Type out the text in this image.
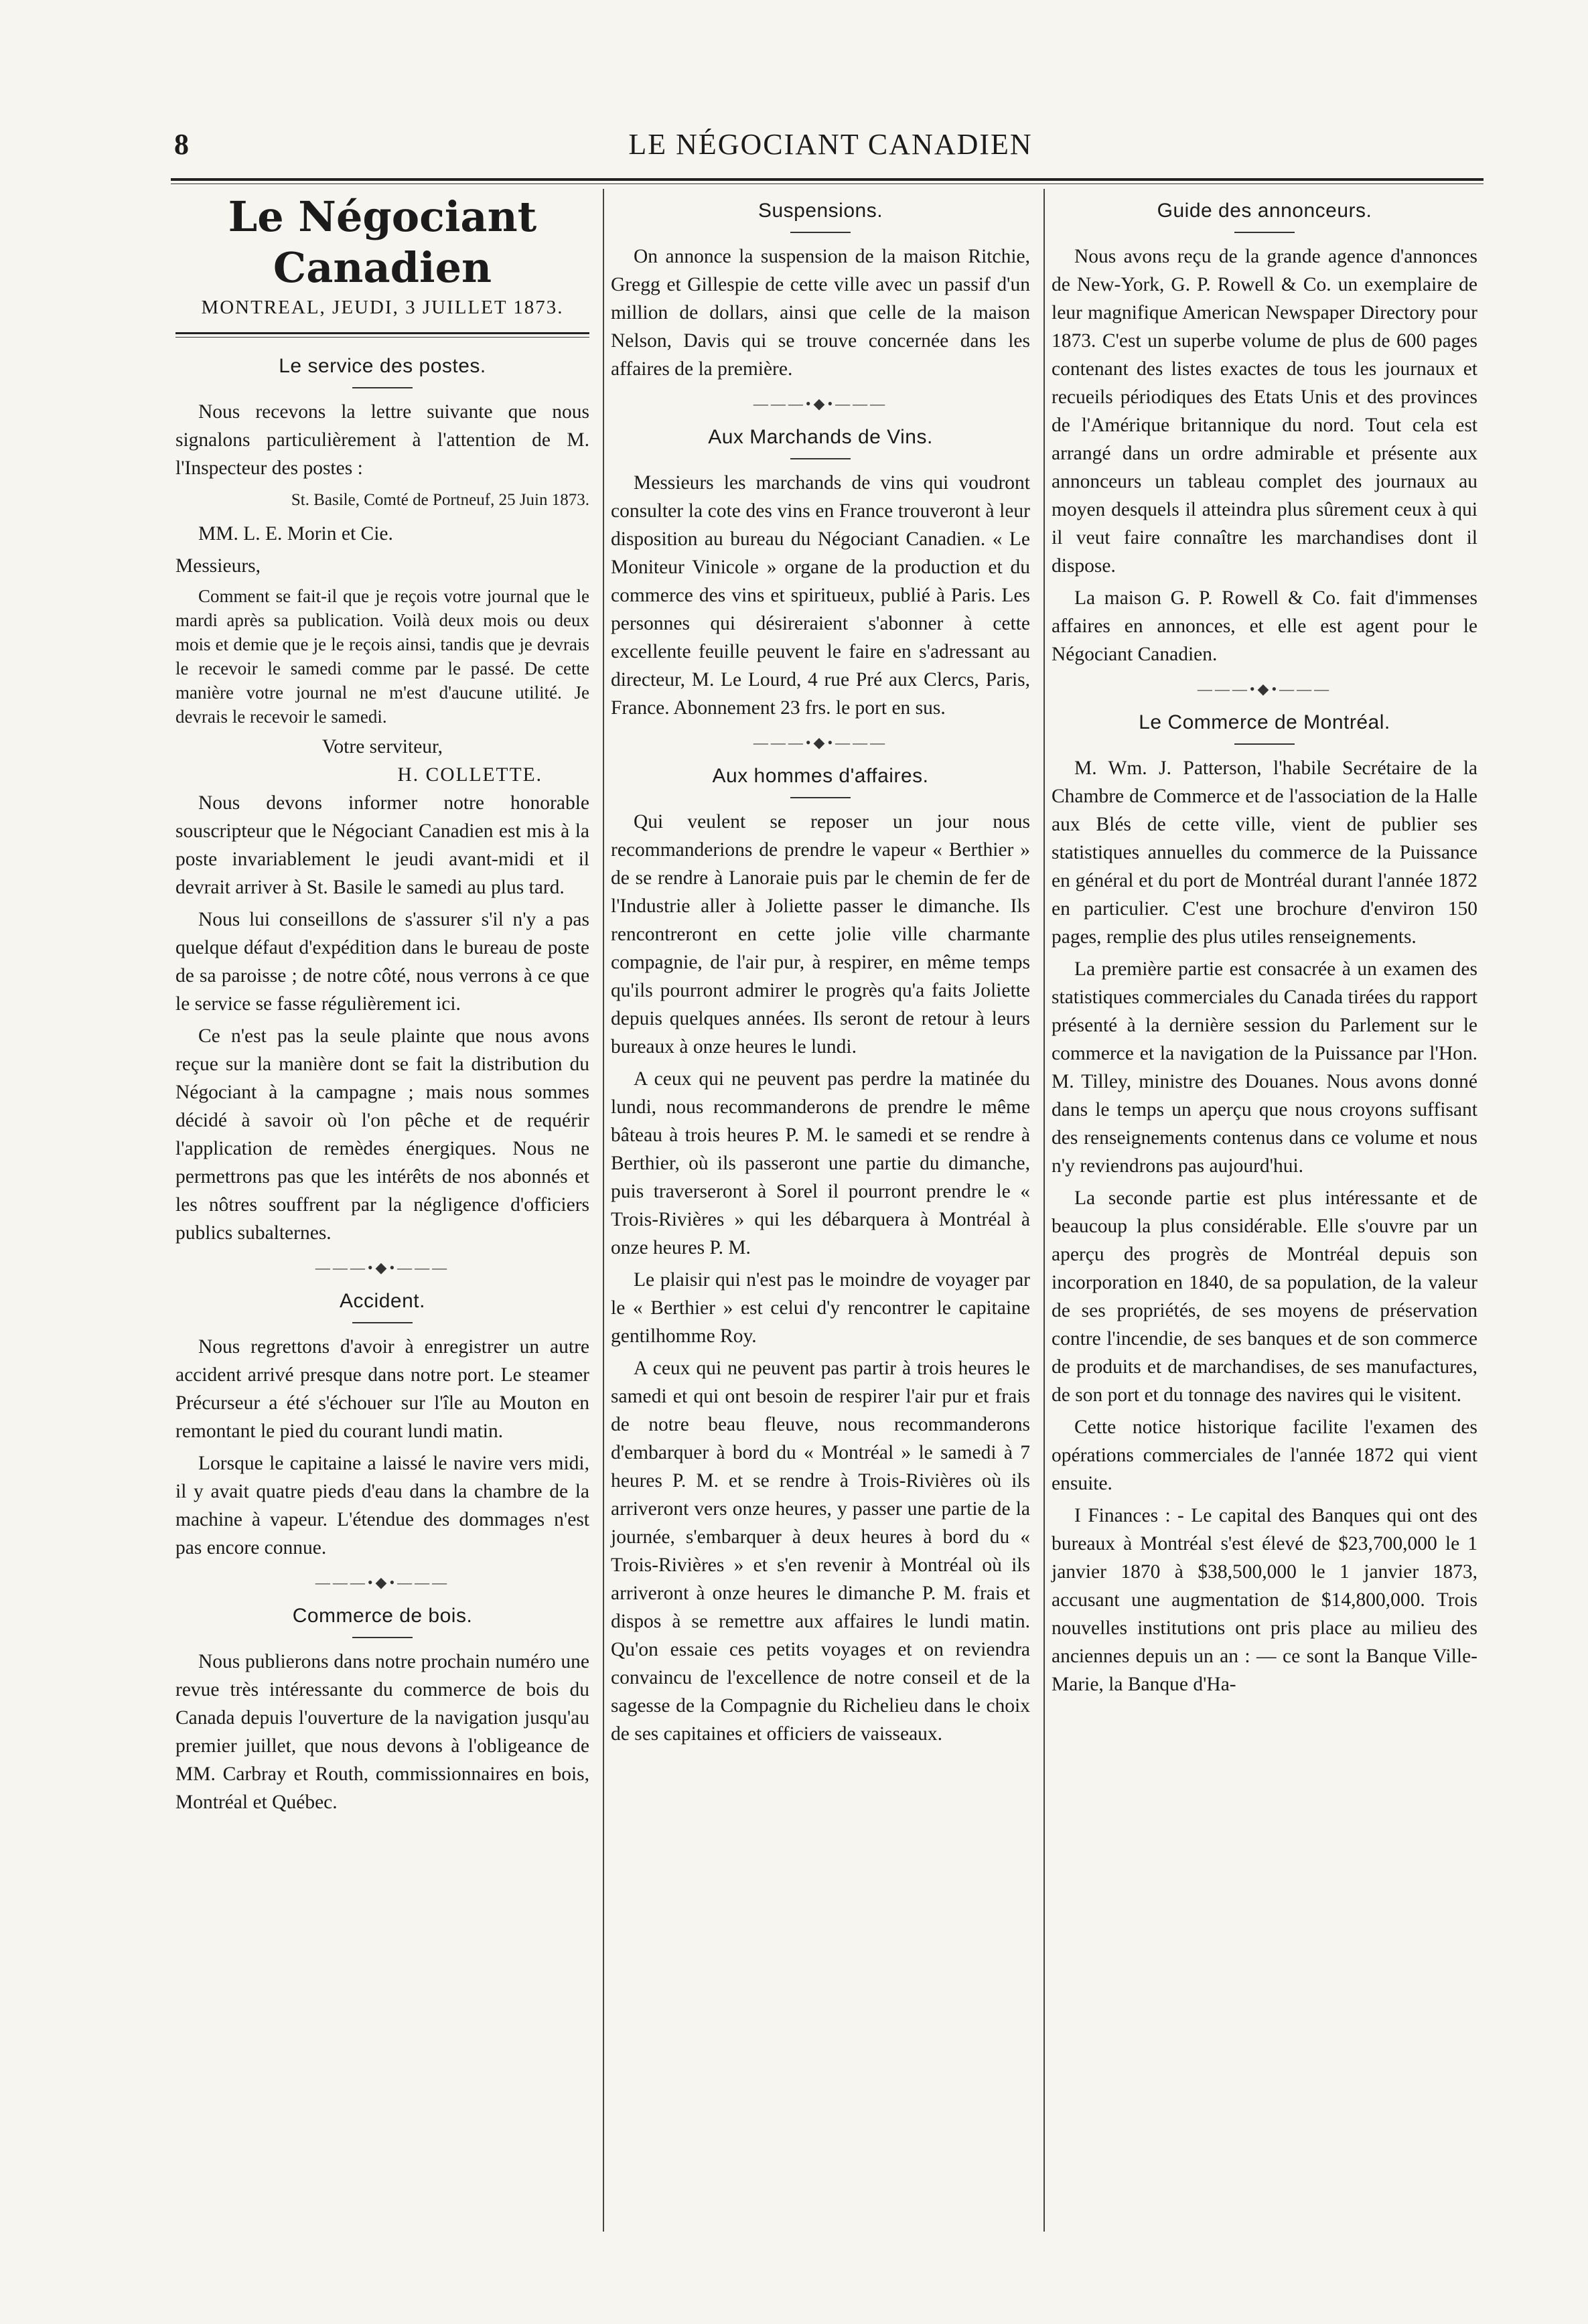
8	LE NÉGOCIANT CANADIEN
Le Négociant Canadien
MONTREAL, JEUDI, 3 JUILLET 1873.
Le service des postes.

Nous recevons la lettre suivante que nous signalons particulièrement à l'attention de M. l'Inspecteur des postes :

St. Basile, Comté de Portneuf, 25 Juin 1873.

MM. L. E. Morin et Cie.

Messieurs,

Comment se fait-il que je reçois votre journal que le mardi après sa publication. Voilà deux mois ou deux mois et demie que je le reçois ainsi, tandis que je devrais le recevoir le samedi comme par le passé. De cette manière votre journal ne m'est d'aucune utilité. Je devrais le recevoir le samedi.

Votre serviteur,
H. COLLETTE.

Nous devons informer notre honorable souscripteur que le Négociant Canadien est mis à la poste invariablement le jeudi avant-midi et il devrait arriver à St. Basile le samedi au plus tard.

Nous lui conseillons de s'assurer s'il n'y a pas quelque défaut d'expédition dans le bureau de poste de sa paroisse ; de notre côté, nous verrons à ce que le service se fasse régulièrement ici.

Ce n'est pas la seule plainte que nous avons reçue sur la manière dont se fait la distribution du Négociant à la campagne ; mais nous sommes décidé à savoir où l'on pêche et de requérir l'application de remèdes énergiques. Nous ne permettrons pas que les intérêts de nos abonnés et les nôtres souffrent par la négligence d'officiers publics subalternes.

―――•◆•―――
Accident.

Nous regrettons d'avoir à enregistrer un autre accident arrivé presque dans notre port. Le steamer Précurseur a été s'échouer sur l'île au Mouton en remontant le pied du courant lundi matin.

Lorsque le capitaine a laissé le navire vers midi, il y avait quatre pieds d'eau dans la chambre de la machine à vapeur. L'étendue des dommages n'est pas encore connue.

―――•◆•―――
Commerce de bois.

Nous publierons dans notre prochain numéro une revue très intéressante du commerce de bois du Canada depuis l'ouverture de la navigation jusqu'au premier juillet, que nous devons à l'obligeance de MM. Carbray et Routh, commissionnaires en bois, Montréal et Québec.

Suspensions.

On annonce la suspension de la maison Ritchie, Gregg et Gillespie de cette ville avec un passif d'un million de dollars, ainsi que celle de la maison Nelson, Davis qui se trouve concernée dans les affaires de la première.

―――•◆•―――
Aux Marchands de Vins.

Messieurs les marchands de vins qui voudront consulter la cote des vins en France trouveront à leur disposition au bureau du Négociant Canadien. « Le Moniteur Vinicole » organe de la production et du commerce des vins et spiritueux, publié à Paris. Les personnes qui désireraient s'abonner à cette excellente feuille peuvent le faire en s'adressant au directeur, M. Le Lourd, 4 rue Pré aux Clercs, Paris, France. Abonnement 23 frs. le port en sus.

―――•◆•―――
Aux hommes d'affaires.

Qui veulent se reposer un jour nous recommanderions de prendre le vapeur « Berthier » de se rendre à Lanoraie puis par le chemin de fer de l'Industrie aller à Joliette passer le dimanche. Ils rencontreront en cette jolie ville charmante compagnie, de l'air pur, à respirer, en même temps qu'ils pourront admirer le progrès qu'a faits Joliette depuis quelques années. Ils seront de retour à leurs bureaux à onze heures le lundi.

A ceux qui ne peuvent pas perdre la matinée du lundi, nous recommanderons de prendre le même bâteau à trois heures P. M. le samedi et se rendre à Berthier, où ils passeront une partie du dimanche, puis traverseront à Sorel il pourront prendre le « Trois-Rivières » qui les débarquera à Montréal à onze heures P. M.

Le plaisir qui n'est pas le moindre de voyager par le « Berthier » est celui d'y rencontrer le capitaine gentilhomme Roy.

A ceux qui ne peuvent pas partir à trois heures le samedi et qui ont besoin de respirer l'air pur et frais de notre beau fleuve, nous recommanderons d'embarquer à bord du « Montréal » le samedi à 7 heures P. M. et se rendre à Trois-Rivières où ils arriveront vers onze heures, y passer une partie de la journée, s'embarquer à deux heures à bord du « Trois-Rivières » et s'en revenir à Montréal où ils arriveront à onze heures le dimanche P. M. frais et dispos à se remettre aux affaires le lundi matin. Qu'on essaie ces petits voyages et on reviendra convaincu de l'excellence de notre conseil et de la sagesse de la Compagnie du Richelieu dans le choix de ses capitaines et officiers de vaisseaux.

Guide des annonceurs.

Nous avons reçu de la grande agence d'annonces de New-York, G. P. Rowell & Co. un exemplaire de leur magnifique American Newspaper Directory pour 1873. C'est un superbe volume de plus de 600 pages contenant des listes exactes de tous les journaux et recueils périodiques des Etats Unis et des provinces de l'Amérique britannique du nord. Tout cela est arrangé dans un ordre admirable et présente aux annonceurs un tableau complet des journaux au moyen desquels il atteindra plus sûrement ceux à qui il veut faire connaître les marchandises dont il dispose.

La maison G. P. Rowell & Co. fait d'immenses affaires en annonces, et elle est agent pour le Négociant Canadien.

―――•◆•―――
Le Commerce de Montréal.

M. Wm. J. Patterson, l'habile Secrétaire de la Chambre de Commerce et de l'association de la Halle aux Blés de cette ville, vient de publier ses statistiques annuelles du commerce de la Puissance en général et du port de Montréal durant l'année 1872 en particulier. C'est une brochure d'environ 150 pages, remplie des plus utiles renseignements.

La première partie est consacrée à un examen des statistiques commerciales du Canada tirées du rapport présenté à la dernière session du Parlement sur le commerce et la navigation de la Puissance par l'Hon. M. Tilley, ministre des Douanes. Nous avons donné dans le temps un aperçu que nous croyons suffisant des renseignements contenus dans ce volume et nous n'y reviendrons pas aujourd'hui.

La seconde partie est plus intéressante et de beaucoup la plus considérable. Elle s'ouvre par un aperçu des progrès de Montréal depuis son incorporation en 1840, de sa population, de la valeur de ses propriétés, de ses moyens de préservation contre l'incendie, de ses banques et de son commerce de produits et de marchandises, de ses manufactures, de son port et du tonnage des navires qui le visitent.

Cette notice historique facilite l'examen des opérations commerciales de l'année 1872 qui vient ensuite.

I Finances : - Le capital des Banques qui ont des bureaux à Montréal s'est élevé de $23,700,000 le 1 janvier 1870 à $38,500,000 le 1 janvier 1873, accusant une augmentation de $14,800,000. Trois nouvelles institutions ont pris place au milieu des anciennes depuis un an : — ce sont la Banque Ville-Marie, la Banque d'Ha-
